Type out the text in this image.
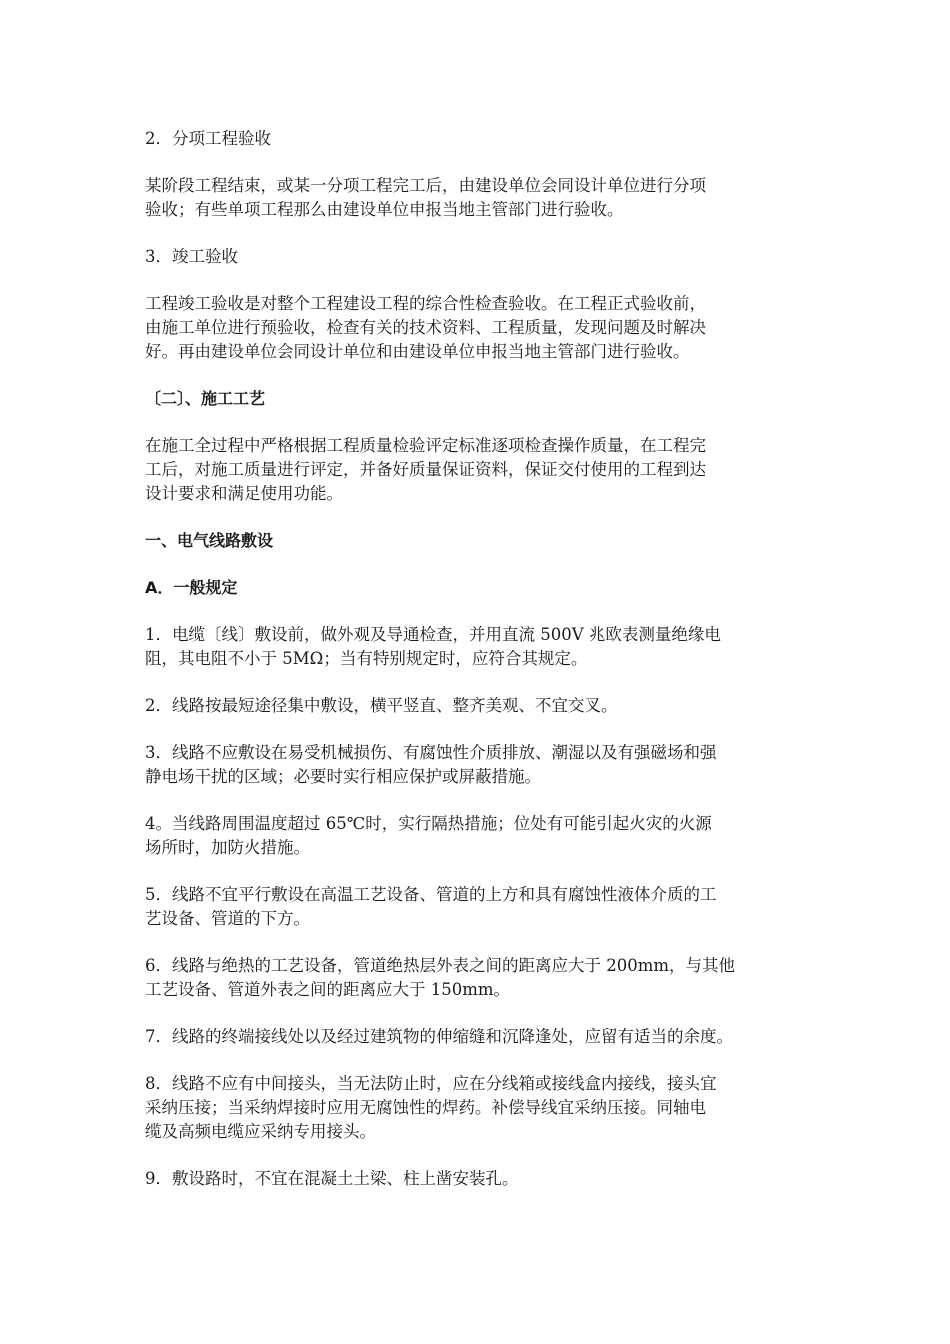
2．分项工程验收
某阶段工程结束，或某一分项工程完工后，由建设单位会同设计单位进行分项
验收；有些单项工程那么由建设单位申报当地主管部门进行验收。
3．竣工验收
工程竣工验收是对整个工程建设工程的综合性检查验收。在工程正式验收前，
由施工单位进行预验收，检查有关的技术资料、工程质量，发现问题及时解决
好。再由建设单位会同设计单位和由建设单位申报当地主管部门进行验收。
〔二〕、施工工艺
在施工全过程中严格根据工程质量检验评定标准逐项检查操作质量，在工程完
工后，对施工质量进行评定，并备好质量保证资料，保证交付使用的工程到达
设计要求和满足使用功能。
一、电气线路敷设
A．一般规定
1．电缆〔线〕敷设前，做外观及导通检查，并用直流 500V 兆欧表测量绝缘电
阻，其电阻不小于 5MΩ；当有特别规定时，应符合其规定。
2．线路按最短途径集中敷设，横平竖直、整齐美观、不宜交叉。
3．线路不应敷设在易受机械损伤、有腐蚀性介质排放、潮湿以及有强磁场和强
静电场干扰的区域；必要时实行相应保护或屏蔽措施。
4。当线路周围温度超过 65℃时，实行隔热措施；位处有可能引起火灾的火源
场所时，加防火措施。
5．线路不宜平行敷设在高温工艺设备、管道的上方和具有腐蚀性液体介质的工
艺设备、管道的下方。
6．线路与绝热的工艺设备，管道绝热层外表之间的距离应大于 200mm，与其他
工艺设备、管道外表之间的距离应大于 150mm。
7．线路的终端接线处以及经过建筑物的伸缩缝和沉降逢处，应留有适当的余度。
8．线路不应有中间接头，当无法防止时，应在分线箱或接线盒内接线，接头宜
采纳压接；当采纳焊接时应用无腐蚀性的焊药。补偿导线宜采纳压接。同轴电
缆及高频电缆应采纳专用接头。
9．敷设路时，不宜在混凝土土梁、柱上凿安装孔。
